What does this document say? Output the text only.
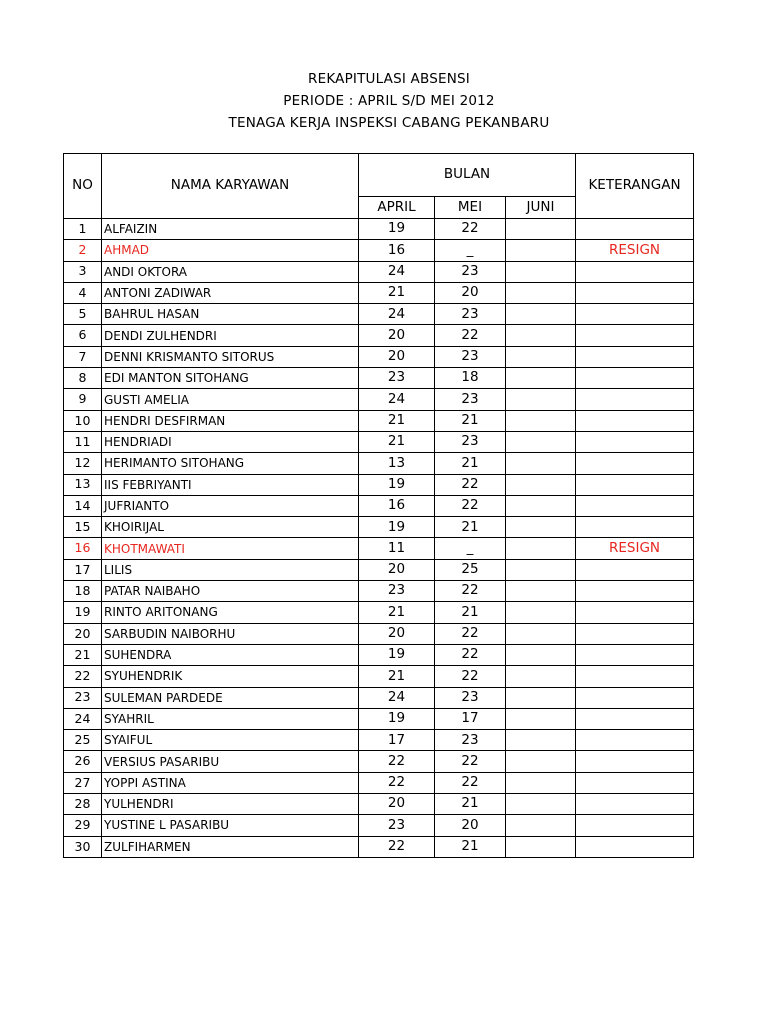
REKAPITULASI ABSENSI
PERIODE : APRIL S/D MEI 2012
TENAGA KERJA INSPEKSI CABANG PEKANBARU
NO	NAMA KARYAWAN	BULAN			KETERANGAN
		APRIL	MEI	JUNI	
1	ALFAIZIN	19	22		
2	AHMAD	16	_		RESIGN
3	ANDI OKTORA	24	23		
4	ANTONI ZADIWAR	21	20		
5	BAHRUL HASAN	24	23		
6	DENDI ZULHENDRI	20	22		
7	DENNI KRISMANTO SITORUS	20	23		
8	EDI MANTON SITOHANG	23	18		
9	GUSTI AMELIA	24	23		
10	HENDRI DESFIRMAN	21	21		
11	HENDRIADI	21	23		
12	HERIMANTO SITOHANG	13	21		
13	IIS FEBRIYANTI	19	22		
14	JUFRIANTO	16	22		
15	KHOIRIJAL	19	21		
16	KHOTMAWATI	11	_		RESIGN
17	LILIS	20	25		
18	PATAR NAIBAHO	23	22		
19	RINTO ARITONANG	21	21		
20	SARBUDIN NAIBORHU	20	22		
21	SUHENDRA	19	22		
22	SYUHENDRIK	21	22		
23	SULEMAN PARDEDE	24	23		
24	SYAHRIL	19	17		
25	SYAIFUL	17	23		
26	VERSIUS PASARIBU	22	22		
27	YOPPI ASTINA	22	22		
28	YULHENDRI	20	21		
29	YUSTINE L PASARIBU	23	20		
30	ZULFIHARMEN	22	21		
